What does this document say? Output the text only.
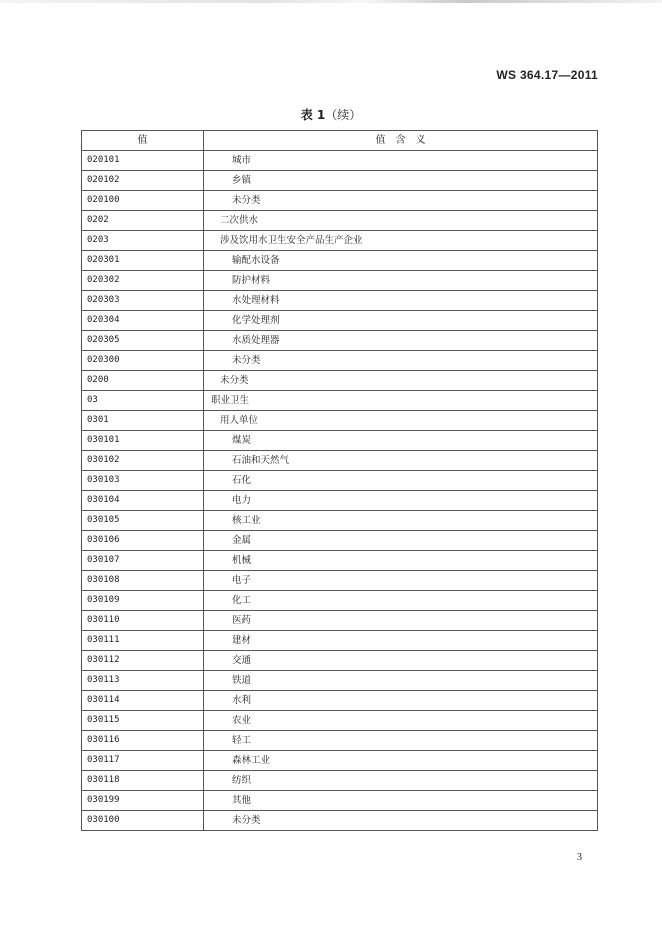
WS 364.17—2011
表 1（续）
值	值　含　义
020101	城市
020102	乡镇
020100	未分类
0202	二次供水
0203	涉及饮用水卫生安全产品生产企业
020301	输配水设备
020302	防护材料
020303	水处理材料
020304	化学处理剂
020305	水质处理器
020300	未分类
0200	未分类
03	职业卫生
0301	用人单位
030101	煤炭
030102	石油和天然气
030103	石化
030104	电力
030105	核工业
030106	金属
030107	机械
030108	电子
030109	化工
030110	医药
030111	建材
030112	交通
030113	铁道
030114	水利
030115	农业
030116	轻工
030117	森林工业
030118	纺织
030199	其他
030100	未分类
3
